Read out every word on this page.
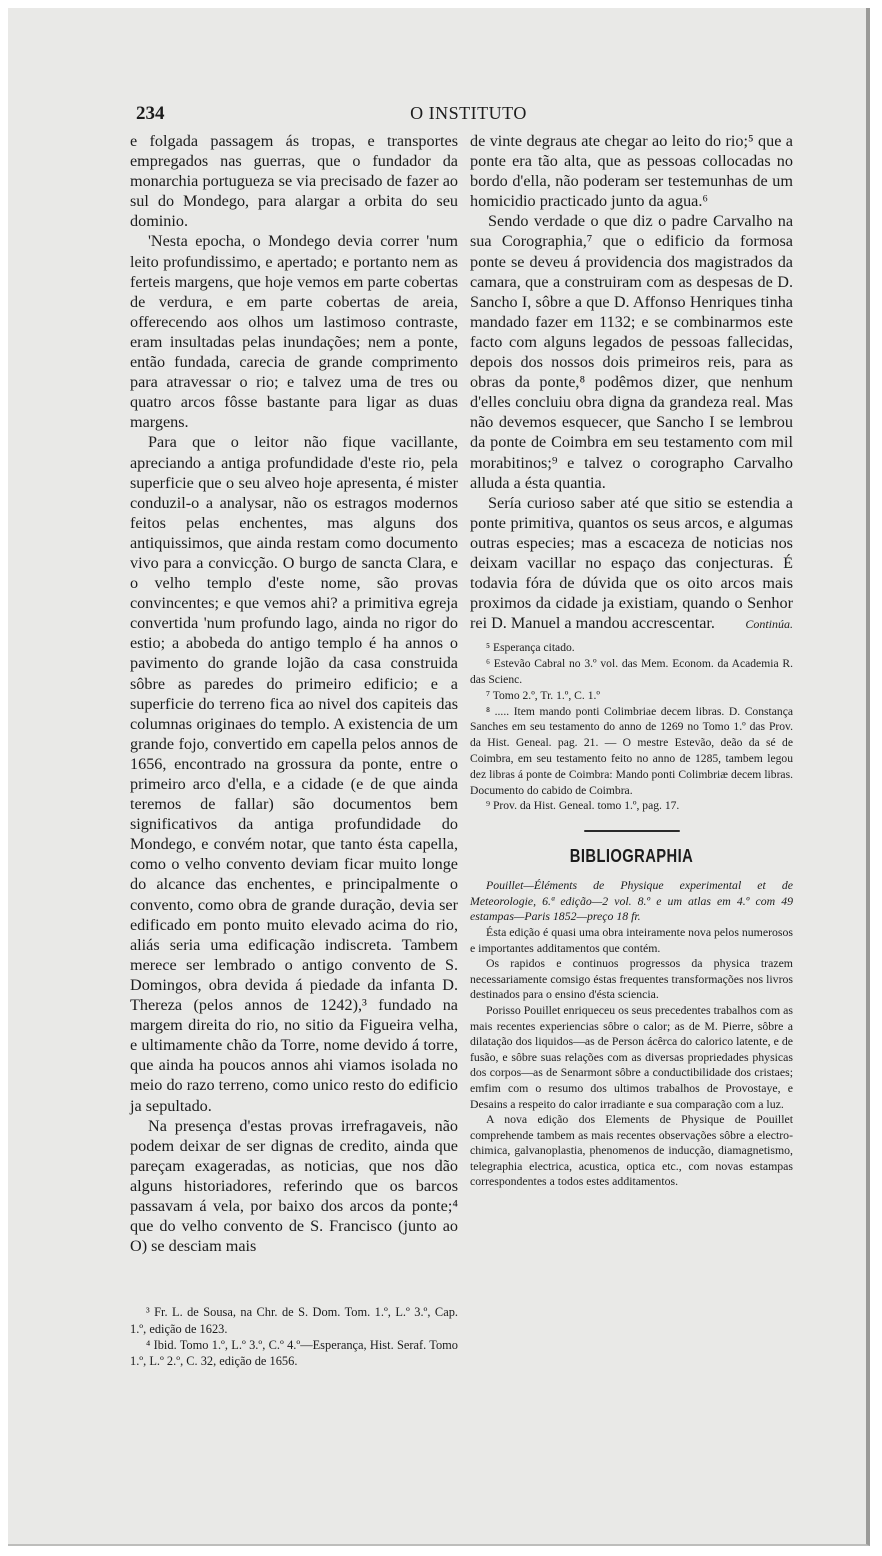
234	O INSTITUTO

e folgada passagem ás tropas, e transportes empregados nas guerras, que o fundador da monarchia portugueza se via precisado de fazer ao sul do Mondego, para alargar a orbita do seu dominio.

'Nesta epocha, o Mondego devia correr 'num leito profundissimo, e apertado; e portanto nem as ferteis margens, que hoje vemos em parte cobertas de verdura, e em parte cobertas de areia, offerecendo aos olhos um lastimoso contraste, eram insultadas pelas inundações; nem a ponte, então fundada, carecia de grande comprimento para atravessar o rio; e talvez uma de tres ou quatro arcos fôsse bastante para ligar as duas margens.

Para que o leitor não fique vacillante, apreciando a antiga profundidade d'este rio, pela superficie que o seu alveo hoje apresenta, é mister conduzil-o a analysar, não os estragos modernos feitos pelas enchentes, mas alguns dos antiquissimos, que ainda restam como documento vivo para a convicção. O burgo de sancta Clara, e o velho templo d'este nome, são provas convincentes; e que vemos ahi? a primitiva egreja convertida 'num profundo lago, ainda no rigor do estio; a abobeda do antigo templo é ha annos o pavimento do grande lojão da casa construida sôbre as paredes do primeiro edificio; e a superficie do terreno fica ao nivel dos capiteis das columnas originaes do templo. A existencia de um grande fojo, convertido em capella pelos annos de 1656, encontrado na grossura da ponte, entre o primeiro arco d'ella, e a cidade (e de que ainda teremos de fallar) são documentos bem significativos da antiga profundidade do Mondego, e convém notar, que tanto ésta capella, como o velho convento deviam ficar muito longe do alcance das enchentes, e principalmente o convento, como obra de grande duração, devia ser edificado em ponto muito elevado acima do rio, aliás seria uma edificação indiscreta. Tambem merece ser lembrado o antigo convento de S. Domingos, obra devida á piedade da infanta D. Thereza (pelos annos de 1242),³ fundado na margem direita do rio, no sitio da Figueira velha, e ultimamente chão da Torre, nome devido á torre, que ainda ha poucos annos ahi viamos isolada no meio do razo terreno, como unico resto do edificio ja sepultado.

Na presença d'estas provas irrefragaveis, não podem deixar de ser dignas de credito, ainda que pareçam exageradas, as noticias, que nos dão alguns historiadores, referindo que os barcos passavam á vela, por baixo dos arcos da ponte;⁴ que do velho convento de S. Francisco (junto ao O) se desciam mais

³ Fr. L. de Sousa, na Chr. de S. Dom. Tom. 1.º, L.º 3.º, Cap. 1.º, edição de 1623.

⁴ Ibid. Tomo 1.º, L.º 3.º, C.º 4.º—Esperança, Hist. Seraf. Tomo 1.º, L.º 2.º, C. 32, edição de 1656.

de vinte degraus ate chegar ao leito do rio;⁵ que a ponte era tão alta, que as pessoas collocadas no bordo d'ella, não poderam ser testemunhas de um homicidio practicado junto da agua.⁶

Sendo verdade o que diz o padre Carvalho na sua Corographia,⁷ que o edificio da formosa ponte se deveu á providencia dos magistrados da camara, que a construiram com as despesas de D. Sancho I, sôbre a que D. Affonso Henriques tinha mandado fazer em 1132; e se combinarmos este facto com alguns legados de pessoas fallecidas, depois dos nossos dois primeiros reis, para as obras da ponte,⁸ podêmos dizer, que nenhum d'elles concluiu obra digna da grandeza real. Mas não devemos esquecer, que Sancho I se lembrou da ponte de Coimbra em seu testamento com mil morabitinos;⁹ e talvez o corographo Carvalho alluda a ésta quantia.

Sería curioso saber até que sitio se estendia a ponte primitiva, quantos os seus arcos, e algumas outras especies; mas a escaceza de noticias nos deixam vacillar no espaço das conjecturas. É todavia fóra de dúvida que os oito arcos mais proximos da cidade ja existiam, quando o Senhor rei D. Manuel a mandou accrescentar.	Continúa.

⁵ Esperança citado.

⁶ Estevão Cabral no 3.º vol. das Mem. Econom. da Academia R. das Scienc.

⁷ Tomo 2.º, Tr. 1.º, C. 1.º

⁸ ..... Item mando ponti Colimbriae decem libras. D. Constança Sanches em seu testamento do anno de 1269 no Tomo 1.º das Prov. da Hist. Geneal. pag. 21. — O mestre Estevão, deão da sé de Coimbra, em seu testamento feito no anno de 1285, tambem legou dez libras á ponte de Coimbra: Mando ponti Colimbriæ decem libras. Documento do cabido de Coimbra.

⁹ Prov. da Hist. Geneal. tomo 1.º, pag. 17.

BIBLIOGRAPHIA

Pouillet—Éléments de Physique experimental et de Meteorologie, 6.ª edição—2 vol. 8.º e um atlas em 4.º com 49 estampas—Paris 1852—preço 18 fr.

Ésta edição é quasi uma obra inteiramente nova pelos numerosos e importantes additamentos que contém.

Os rapidos e continuos progressos da physica trazem necessariamente comsigo éstas frequentes transformações nos livros destinados para o ensino d'ésta sciencia.

Porisso Pouillet enriqueceu os seus precedentes trabalhos com as mais recentes experiencias sôbre o calor; as de M. Pierre, sôbre a dilatação dos liquidos—as de Person ácêrca do calorico latente, e de fusão, e sôbre suas relações com as diversas propriedades physicas dos corpos—as de Senarmont sôbre a conductibilidade dos cristaes; emfim com o resumo dos ultimos trabalhos de Provostaye, e Desains a respeito do calor irradiante e sua comparação com a luz.

A nova edição dos Elements de Physique de Pouillet comprehende tambem as mais recentes observações sôbre a electro-chimica, galvanoplastia, phenomenos de inducção, diamagnetismo, telegraphia electrica, acustica, optica etc., com novas estampas correspondentes a todos estes additamentos.
